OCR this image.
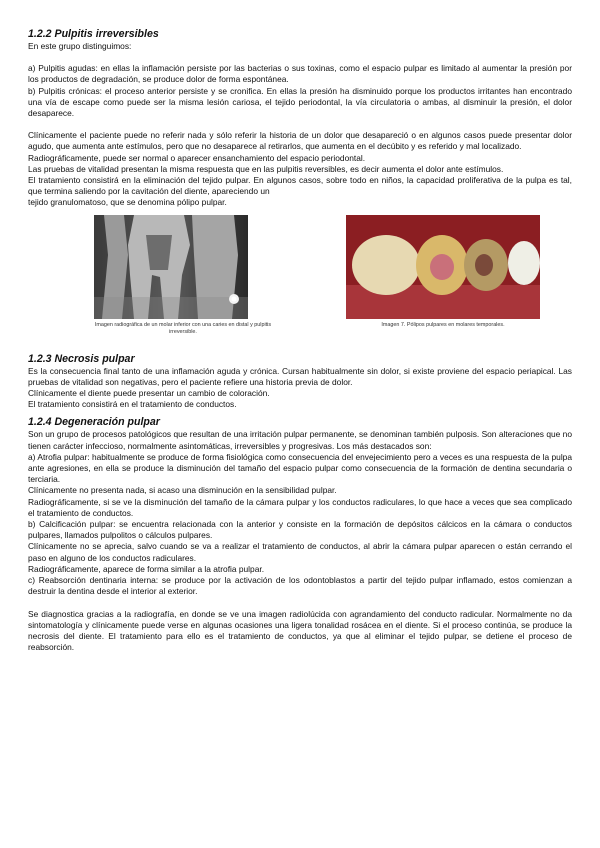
1.2.2 Pulpitis irreversibles

En este grupo distinguimos:

a) Pulpitis agudas: en ellas la inflamación persiste por las bacterias o sus toxinas, como el espacio pulpar es limitado al aumentar la presión por los productos de degradación, se produce dolor de forma espontánea.

b) Pulpitis crónicas: el proceso anterior persiste y se cronifica. En ellas la presión ha disminuido porque los productos irritantes han encontrado una vía de escape como puede ser la misma lesión cariosa, el tejido periodontal, la vía circulatoria o ambas, al disminuir la presión, el dolor desaparece.

Clínicamente el paciente puede no referir nada y sólo referir la historia de un dolor que desapareció o en algunos casos puede presentar dolor agudo, que aumenta ante estímulos, pero que no desaparece al retirarlos, que aumenta en el decúbito y es referido y mal localizado.

Radiográficamente, puede ser normal o aparecer ensanchamiento del espacio periodontal.

Las pruebas de vitalidad presentan la misma respuesta que en las pulpitis reversibles, es decir aumenta el dolor ante estímulos.

El tratamiento consistirá en la eliminación del tejido pulpar. En algunos casos, sobre todo en niños, la capacidad proliferativa de la pulpa es tal, que termina saliendo por la cavitación del diente, apareciendo un

tejido granulomatoso, que se denomina pólipo pulpar.

Imagen radiográfica de un molar inferior con una caries en distal y pulpitis irreversible.
Imagen 7. Pólipos pulpares en molares temporales.
1.2.3 Necrosis pulpar

Es la consecuencia final tanto de una inflamación aguda y crónica. Cursan habitualmente sin dolor, si existe proviene del espacio periapical. Las pruebas de vitalidad son negativas, pero el paciente refiere una historia previa de dolor.

Clínicamente el diente puede presentar un cambio de coloración.

El tratamiento consistirá en el tratamiento de conductos.

1.2.4 Degeneración pulpar

Son un grupo de procesos patológicos que resultan de una irritación pulpar permanente, se denominan también pulposis. Son alteraciones que no tienen carácter infeccioso, normalmente asintomáticas, irreversibles y progresivas. Los más destacados son:

a) Atrofia pulpar: habitualmente se produce de forma fisiológica como consecuencia del envejecimiento pero a veces es una respuesta de la pulpa ante agresiones, en ella se produce la disminución del tamaño del espacio pulpar como consecuencia de la formación de dentina secundaria o terciaria.

Clínicamente no presenta nada, si acaso una disminución en la sensibilidad pulpar.

Radiográficamente, si se ve la disminución del tamaño de la cámara pulpar y los conductos radiculares, lo que hace a veces que sea complicado el tratamiento de conductos.

b) Calcificación pulpar: se encuentra relacionada con la anterior y consiste en la formación de depósitos cálcicos en la cámara o conductos pulpares, llamados pulpolitos o cálculos pulpares.

Clínicamente no se aprecia, salvo cuando se va a realizar el tratamiento de conductos, al abrir la cámara pulpar aparecen o están cerrando el paso en alguno de los conductos radiculares.

Radiográficamente, aparece de forma similar a la atrofia pulpar.

c) Reabsorción dentinaria interna: se produce por la activación de los odontoblastos a partir del tejido pulpar inflamado, estos comienzan a destruir la dentina desde el interior al exterior.

Se diagnostica gracias a la radiografía, en donde se ve una imagen radiolúcida con agrandamiento del conducto radicular. Normalmente no da sintomatología y clínicamente puede verse en algunas ocasiones una ligera tonalidad rosácea en el diente. Si el proceso continúa, se produce la necrosis del diente. El tratamiento para ello es el tratamiento de conductos, ya que al eliminar el tejido pulpar, se detiene el proceso de reabsorción.
